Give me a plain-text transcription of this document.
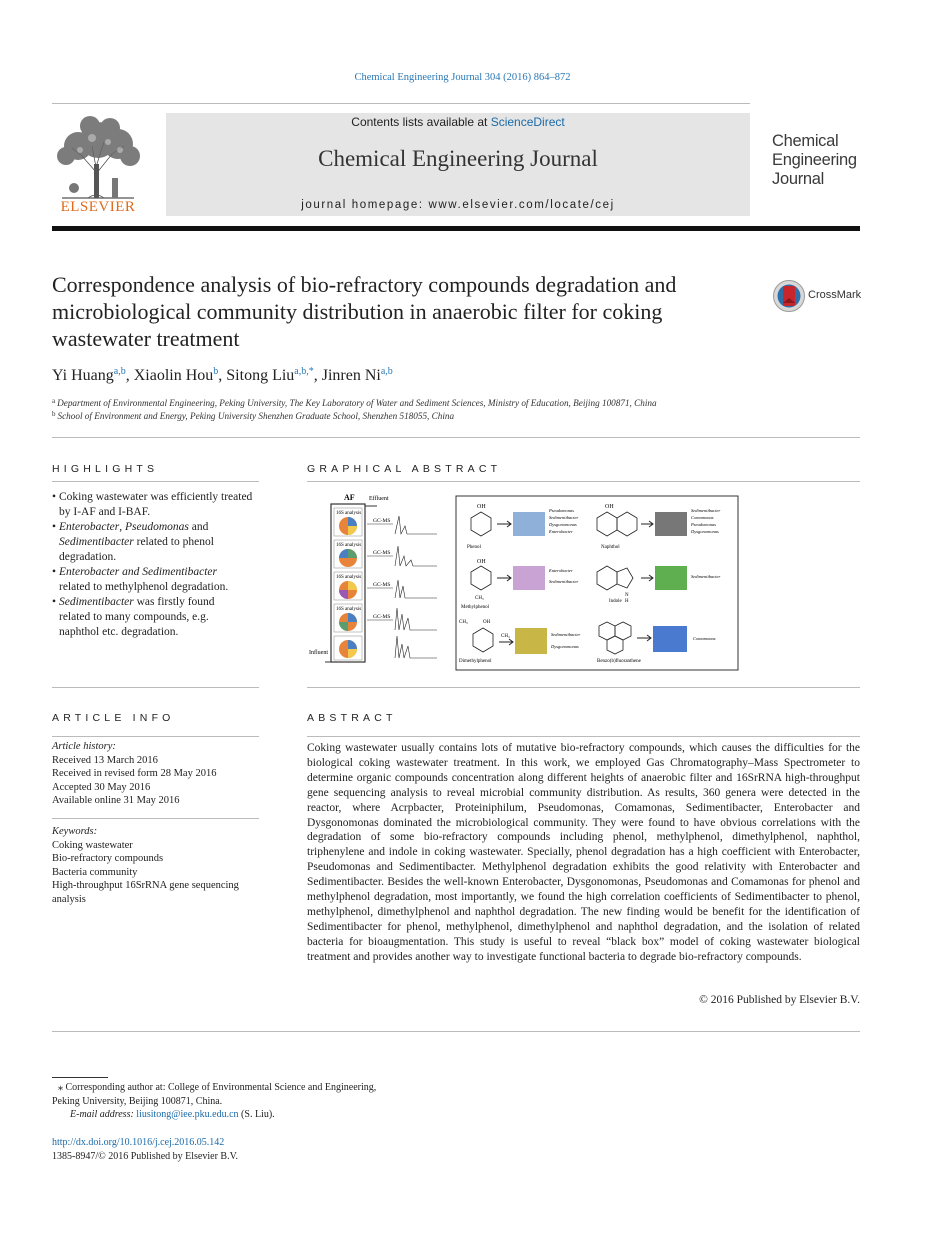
Chemical Engineering Journal 304 (2016) 864–872
ELSEVIER
Contents lists available at ScienceDirect
Chemical Engineering Journal
journal homepage: www.elsevier.com/locate/cej
Chemical
Engineering
Journal
Correspondence analysis of bio-refractory compounds degradation and microbiological community distribution in anaerobic filter for coking wastewater treatment
CrossMark
Yi Huang$^{a,b}$, Xiaolin Hou$^b$, Sitong Liu$^{a,b,*}$, Jinren Ni$^{a,b}$
$^a$ Department of Environmental Engineering, Peking University, The Key Laboratory of Water and Sediment Sciences, Ministry of Education, Beijing 100871, China
$^b$ School of Environment and Energy, Peking University Shenzhen Graduate School, Shenzhen 518055, China
HIGHLIGHTS
• Coking wastewater was efficiently treated by I-AF and I-BAF.
• Enterobacter, Pseudomonas and
Sedimentibacter related to phenol
degradation.
• Enterobacter and Sedimentibacter
related to methylphenol degradation.
• Sedimentibacter was firstly found
related to many compounds, e.g.
naphthol etc. degradation.
GRAPHICAL ABSTRACT
AF Effluent
Influent
16S analysis
GC-MS
16S analysis
GC-MS
16S analysis
GC-MS
16S analysis
GC-MS
OH
Phenol
Pseudomonas
Sedimentibacter
Dysgonomonas
Enterobacter
OH
Naphthol
Sedimentibacter
Comamonas
Pseudomonas
Dysgonomonas
OH
CH₃
Methylphenol
Enterobacter
Sedimentibacter
N
H
Indole
Sedimentibacter
CH₃	OH
CH₃
Dimethylphenol
Sedimentibacter
Dysgonomonas
Benzo(b)fluoranthene
Comamonas
ARTICLE INFO
Article history:
Received 13 March 2016
Received in revised form 28 May 2016
Accepted 30 May 2016
Available online 31 May 2016
Keywords:
Coking wastewater
Bio-refractory compounds
Bacteria community
High-throughput 16SrRNA gene sequencing analysis
ABSTRACT
Coking wastewater usually contains lots of mutative bio-refractory compounds, which causes the difficulties for the biological coking wastewater treatment. In this work, we employed Gas Chromatography–Mass Spectrometer to determine organic compounds concentration along different heights of anaerobic filter and 16SrRNA high-throughput gene sequencing analysis to reveal microbial community distribution. As results, 360 genera were detected in the reactor, where Acrpbacter, Proteiniphilum, Pseudomonas, Comamonas, Sedimentibacter, Enterobacter and Dysgonomonas dominated the microbiological community. They were found to have obvious correlations with the degradation of some bio-refractory compounds including phenol, methylphenol, dimethylphenol, naphthol, triphenylene and indole in coking wastewater. Specially, phenol degradation has a high coefficient with Enterobacter, Pseudomonas and Sedimentibacter. Methylphenol degradation exhibits the good relativity with Enterobacter and Sedimentibacter. Besides the well-known Enterobacter, Dysgonomonas, Pseudomonas and Comamonas for phenol and methylphenol degradation, most importantly, we found the high correlation coefficients of Sedimentibacter to phenol, methylphenol, dimethylphenol and naphthol degradation. The new finding would be benefit for the identification of Sedimentibacter for phenol, methylphenol, dimethylphenol and naphthol degradation, and the isolation of related bacteria for bioaugmentation. This study is useful to reveal “black box” model of coking wastewater biological treatment and provides another way to investigate functional bacteria to degrade bio-refractory compounds.
© 2016 Published by Elsevier B.V.
⁎ Corresponding author at: College of Environmental Science and Engineering,
Peking University, Beijing 100871, China.
E-mail address: liusitong@iee.pku.edu.cn (S. Liu).
http://dx.doi.org/10.1016/j.cej.2016.05.142
1385-8947/© 2016 Published by Elsevier B.V.
